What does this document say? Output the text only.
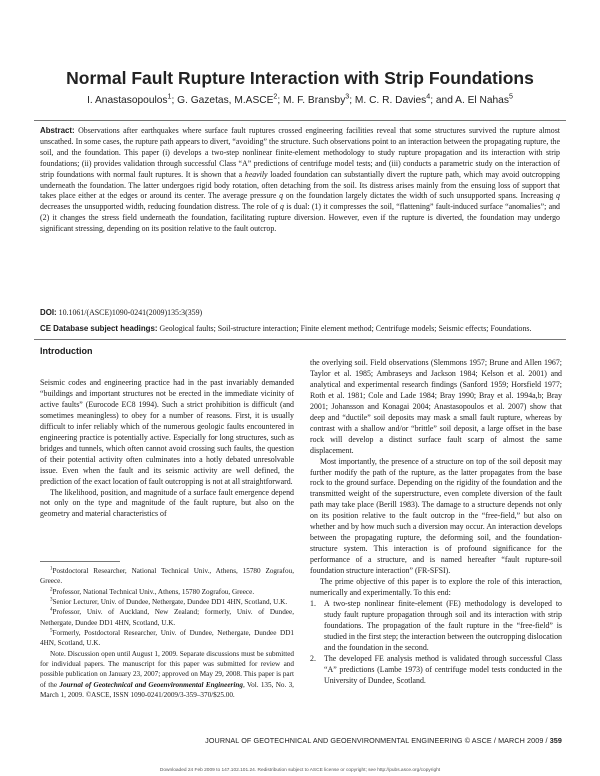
Normal Fault Rupture Interaction with Strip Foundations
I. Anastasopoulos$^1$; G. Gazetas, M.ASCE$^2$; M. F. Bransby$^3$; M. C. R. Davies$^4$; and A. El Nahas$^5$
Abstract: Observations after earthquakes where surface fault ruptures crossed engineering facilities reveal that some structures survived the rupture almost unscathed. In some cases, the rupture path appears to divert, “avoiding” the structure. Such observations point to an interaction between the propagating rupture, the soil, and the foundation. This paper (i) develops a two-step nonlinear finite-element methodology to study rupture propagation and its interaction with strip foundations; (ii) provides validation through successful Class “A” predictions of centrifuge model tests; and (iii) conducts a parametric study on the interaction of strip foundations with normal fault ruptures. It is shown that a heavily loaded foundation can substantially divert the rupture path, which may avoid outcropping underneath the foundation. The latter undergoes rigid body rotation, often detaching from the soil. Its distress arises mainly from the ensuing loss of support that takes place either at the edges or around its center. The average pressure q on the foundation largely dictates the width of such unsupported spans. Increasing q decreases the unsupported width, reducing foundation distress. The role of q is dual: (1) it compresses the soil, “flattening” fault-induced surface “anomalies”; and (2) it changes the stress field underneath the foundation, facilitating rupture diversion. However, even if the rupture is diverted, the foundation may undergo significant stressing, depending on its position relative to the fault outcrop.
DOI: 10.1061/(ASCE)1090-0241(2009)135:3(359)
CE Database subject headings: Geological faults; Soil-structure interaction; Finite element method; Centrifuge models; Seismic effects; Foundations.
Introduction

Seismic codes and engineering practice had in the past invariably demanded “buildings and important structures not be erected in the immediate vicinity of active faults” (Eurocode EC8 1994). Such a strict prohibition is difficult (and sometimes meaningless) to obey for a number of reasons. First, it is usually difficult to infer reliably which of the numerous geologic faults encountered in engineering practice is potentially active. Especially for long structures, such as bridges and tunnels, which often cannot avoid crossing such faults, the question of their potential activity often culminates into a hotly debated unresolvable issue. Even when the fault and its seismic activity are well defined, the prediction of the exact location of fault outcropping is not at all straightforward.

The likelihood, position, and magnitude of a surface fault emergence depend not only on the type and magnitude of the fault rupture, but also on the geometry and material characteristics of

$^1$Postdoctoral Researcher, National Technical Univ., Athens, 15780 Zografou, Greece.

$^2$Professor, National Technical Univ., Athens, 15780 Zografou, Greece.

$^3$Senior Lecturer, Univ. of Dundee, Nethergate, Dundee DD1 4HN, Scotland, U.K.

$^4$Professor, Univ. of Auckland, New Zealand; formerly, Univ. of Dundee, Nethergate, Dundee DD1 4HN, Scotland, U.K.

$^5$Formerly, Postdoctoral Researcher, Univ. of Dundee, Nethergate, Dundee DD1 4HN, Scotland, U.K.

Note. Discussion open until August 1, 2009. Separate discussions must be submitted for individual papers. The manuscript for this paper was submitted for review and possible publication on January 23, 2007; approved on May 29, 2008. This paper is part of the Journal of Geotechnical and Geoenvironmental Engineering, Vol. 135, No. 3, March 1, 2009. ©ASCE, ISSN 1090-0241/2009/3-359–370/$25.00.

the overlying soil. Field observations (Slemmons 1957; Brune and Allen 1967; Taylor et al. 1985; Ambraseys and Jackson 1984; Kelson et al. 2001) and analytical and experimental research findings (Sanford 1959; Horsfield 1977; Roth et al. 1981; Cole and Lade 1984; Bray 1990; Bray et al. 1994a,b; Bray 2001; Johansson and Konagai 2004; Anastasopoulos et al. 2007) show that deep and “ductile” soil deposits may mask a small fault rupture, whereas by contrast with a shallow and/or “brittle” soil deposit, a large offset in the base rock will develop a distinct surface fault scarp of almost the same displacement.

Most importantly, the presence of a structure on top of the soil deposit may further modify the path of the rupture, as the latter propagates from the base rock to the ground surface. Depending on the rigidity of the foundation and the transmitted weight of the superstructure, even complete diversion of the fault path may take place (Berill 1983). The damage to a structure depends not only on its position relative to the fault outcrop in the “free-field,” but also on whether and by how much such a diversion may occur. An interaction develops between the propagating rupture, the deforming soil, and the foundation-structure system. This interaction is of profound significance for the performance of a structure, and is named hereafter “fault rupture-soil foundation structure interaction” (FR-SFSI).

The prime objective of this paper is to explore the role of this interaction, numerically and experimentally. To this end:

1. A two-step nonlinear finite-element (FE) methodology is developed to study fault rupture propagation through soil and its interaction with strip foundations. The propagation of the fault rupture in the “free-field” is studied in the first step; the interaction between the outcropping dislocation and the foundation in the second.
2. The developed FE analysis method is validated through successful Class “A” predictions (Lambe 1973) of centrifuge model tests conducted in the University of Dundee, Scotland.
JOURNAL OF GEOTECHNICAL AND GEOENVIRONMENTAL ENGINEERING © ASCE / MARCH 2009 / 359
Downloaded 24 Feb 2009 to 147.102.101.24. Redistribution subject to ASCE license or copyright; see http://pubs.asce.org/copyright
